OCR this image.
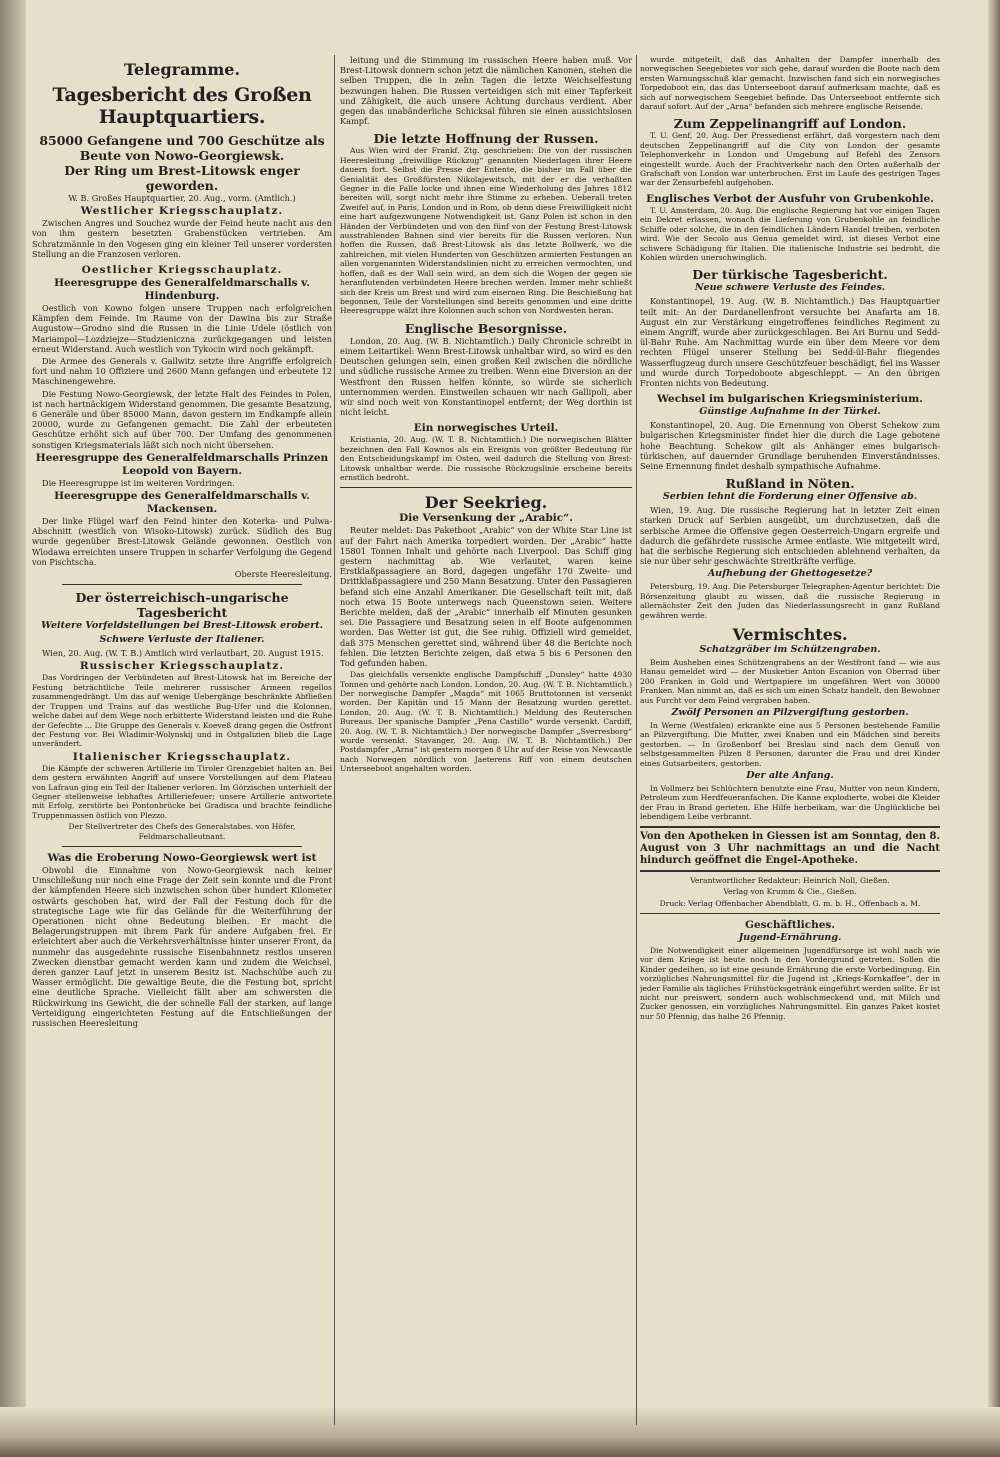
Telegramme.
Tagesbericht des Großen Hauptquartiers.
85000 Gefangene und 700 Geschütze als Beute von Nowo-Georgiewsk.
Der Ring um Brest-Litowsk enger geworden.

W. B. Großes Hauptquartier, 20. Aug., vorm. (Amtlich.)

Westlicher Kriegsschauplatz.

Zwischen Angres und Souchez wurde der Feind heute nacht aus den von ihm gestern besetzten Grabenstücken vertrieben. Am Schratzmännle in den Vogesen ging ein kleiner Teil unserer vordersten Stellung an die Franzosen verloren.

Oestlicher Kriegsschauplatz.
Heeresgruppe des Generalfeldmarschalls v. Hindenburg.

Oestlich von Kowno folgen unsere Truppen nach erfolgreichen Kämpfen dem Feinde. Im Raume von der Dawina bis zur Straße Augustow—Grodno sind die Russen in die Linie Udele (östlich von Mariampol—Lozdziejze—Studzieniczna zurückgegangen und leisten erneut Widerstand. Auch westlich von Tykocin wird noch gekämpft.

Die Armee des Generals v. Gallwitz setzte ihre Angriffe erfolgreich fort und nahm 10 Offiziere und 2600 Mann gefangen und erbeutete 12 Maschinengewehre.

Die Festung Nowo-Georgiewsk, der letzte Halt des Feindes in Polen, ist nach hartnäckigem Widerstand genommen. Die gesamte Besatzung, 6 Generäle und über 85000 Mann, davon gestern im Endkampfe allein 20000, wurde zu Gefangenen gemacht. Die Zahl der erbeuteten Geschütze erhöht sich auf über 700. Der Umfang des genommenen sonstigen Kriegsmaterials läßt sich noch nicht übersehen.

Heeresgruppe des Generalfeldmarschalls Prinzen Leopold von Bayern.

Die Heeresgruppe ist im weiteren Vordringen.

Heeresgruppe des Generalfeldmarschalls v. Mackensen.

Der linke Flügel warf den Feind hinter den Koterka- und Pulwa-Abschnitt (westlich von Wisoko-Litowsk) zurück. Südlich des Bug wurde gegenüber Brest-Litowsk Gelände gewonnen. Oestlich von Wlodawa erreichten unsere Truppen in scharfer Verfolgung die Gegend von Pischtscha.

Oberste Heeresleitung.

Der österreichisch-ungarische Tagesbericht

Weitere Vorfeldstellungen bei Brest-Litowsk erobert.

Schwere Verluste der Italiener.

Wien, 20. Aug. (W. T. B.) Amtlich wird verlautbart, 20. August 1915.

Russischer Kriegsschauplatz.

Das Vordringen der Verbündeten auf Brest-Litowsk hat im Bereiche der Festung beträchtliche Teile mehrerer russischer Armeen regellos zusammengedrängt. Um das auf wenige Uebergänge beschränkte Abfließen der Truppen und Trains auf das westliche Bug-Ufer und die Kolonnen, welche dabei auf dem Wege noch erbitterte Widerstand leisten und die Ruhe der Gefechte ... Die Gruppe des Generals v. Koeveß drang gegen die Ostfront der Festung vor. Bei Wladimir-Wolynskij und in Ostgalizien blieb die Lage unverändert.

Italienischer Kriegsschauplatz.

Die Kämpfe der schweren Artillerie im Tiroler Grenzgebiet halten an. Bei dem gestern erwähnten Angriff auf unsere Vorstellungen auf dem Plateau von Lafraun ging ein Teil der Italiener verloren. Im Görzischen unterhielt der Gegner stellenweise lebhaftes Artilleriefeuer; unsere Artillerie antwortete mit Erfolg, zerstörte bei Pontonbrücke bei Gradisca und brachte feindliche Truppenmassen östlich von Plezzo.

Der Stellvertreter des Chefs des Generalstabes. von Höfer, Feldmarschalleutnant.

Was die Eroberung Nowo-Georgiewsk wert ist

Obwohl die Einnahme von Nowo-Georgiewsk nach keiner Umschließung nur noch eine Frage der Zeit sein konnte und die Front der kämpfenden Heere sich inzwischen schon über hundert Kilometer ostwärts geschoben hat, wird der Fall der Festung doch für die strategische Lage wie für das Gelände für die Weiterführung der Operationen nicht ohne Bedeutung bleiben. Er macht die Belagerungstruppen mit ihrem Park für andere Aufgaben frei. Er erleichtert aber auch die Verkehrsverhältnisse hinter unserer Front, da nunmehr das ausgedehnte russische Eisenbahnnetz restlos unseren Zwecken dienstbar gemacht werden kann und zudem die Weichsel, deren ganzer Lauf jetzt in unserem Besitz ist. Nachschübe auch zu Wasser ermöglicht. Die gewaltige Beute, die die Festung bot, spricht eine deutliche Sprache. Vielleicht fällt aber am schwersten die Rückwirkung ins Gewicht, die der schnelle Fall der starken, auf lange Verteidigung eingerichteten Festung auf die Entschließungen der russischen Heeresleitung

leitung und die Stimmung im russischen Heere haben muß. Vor Brest-Litowsk donnern schon jetzt die nämlichen Kanonen, stehen die selben Truppen, die in zehn Tagen die letzte Weichselfestung bezwungen haben. Die Russen verteidigen sich mit einer Tapferkeit und Zähigkeit, die auch unsere Achtung durchaus verdient. Aber gegen das unabänderliche Schicksal führen sie einen aussichtslosen Kampf.

Die letzte Hoffnung der Russen.

Aus Wien wird der Frankf. Ztg. geschrieben: Die von der russischen Heeresleitung „freiwillige Rückzug“ genannten Niederlagen ihrer Heere dauern fort. Selbst die Presse der Entente, die bisher im Fall über die Genialität des Großfürsten Nikolajewitsch, mit der er die verhaßten Gegner in die Falle locke und ihnen eine Wiederholung des Jahres 1812 bereiten will, sorgt nicht mehr ihre Stimme zu erheben. Ueberall treten Zweifel auf, in Paris, London und in Rom, ob denn diese Freiwilligkeit nicht eine hart aufgezwungene Notwendigkeit ist. Ganz Polen ist schon in den Händen der Verbündeten und von den fünf von der Festung Brest-Litowsk ausstrahlenden Bahnen sind vier bereits für die Russen verloren. Nun hoffen die Russen, daß Brest-Litowsk als das letzte Bollwerk, wo die zahlreichen, mit vielen Hunderten von Geschützen armierten Festungen an allen vorgenannten Widerstandslinien nicht zu erreichen vermochten, und hoffen, daß es der Wall sein wird, an dem sich die Wogen der gegen sie heranflutenden verbündeten Heere brechen werden. Immer mehr schließt sich der Kreis um Brest und wird zum eisernen Ring. Die Beschießung hat begonnen, Teile der Vorstellungen sind bereits genommen und eine dritte Heeresgruppe wälzt ihre Kolonnen auch schon von Nordwesten heran.

Englische Besorgnisse.

London, 20. Aug. (W. B. Nichtamtlich.) Daily Chronicle schreibt in einem Leitartikel: Wenn Brest-Litowsk unhaltbar wird, so wird es den Deutschen gelungen sein, einen großen Keil zwischen die nördliche und südliche russische Armee zu treiben. Wenn eine Diversion an der Westfront den Russen helfen könnte, so würde sie sicherlich unternommen werden. Einstweilen schauen wir nach Gallipoli, aber wir sind noch weit von Konstantinopel entfernt; der Weg dorthin ist nicht leicht.

Ein norwegisches Urteil.

Kristiania, 20. Aug. (W. T. B. Nichtamtlich.) Die norwegischen Blätter bezeichnen den Fall Kownos als ein Ereignis von größter Bedeutung für den Entscheidungskampf im Osten, weil dadurch die Stellung von Brest-Litowsk unhaltbar werde. Die russische Rückzugslinie erscheine bereits ernstlich bedroht.

Der Seekrieg.
Die Versenkung der „Arabic“.

Reuter meldet: Das Paketboot „Arabic“ von der White Star Line ist auf der Fahrt nach Amerika torpediert worden. Der „Arabic“ hatte 15801 Tonnen Inhalt und gehörte nach Liverpool. Das Schiff ging gestern nachmittag ab. Wie verlautet, waren keine Erstklaßpassagiere an Bord, dagegen ungefähr 170 Zweite- und Drittklaßpassagiere und 250 Mann Besatzung. Unter den Passagieren befand sich eine Anzahl Amerikaner. Die Gesellschaft teilt mit, daß noch etwa 15 Boote unterwegs nach Queenstown seien. Weitere Berichte melden, daß der „Arabic“ innerhalb elf Minuten gesunken sei. Die Passagiere und Besatzung seien in elf Boote aufgenommen worden. Das Wetter ist gut, die See ruhig. Offiziell wird gemeldet, daß 375 Menschen gerettet sind, während über 48 die Berichte noch fehlen. Die letzten Berichte zeigen, daß etwa 5 bis 6 Personen den Tod gefunden haben.

Das gleichfalls versenkte englische Dampfschiff „Dunsley“ hatte 4930 Tonnen und gehörte nach London. London, 20. Aug. (W. T. B. Nichtamtlich.) Der norwegische Dampfer „Magda“ mit 1065 Bruttotonnen ist versenkt worden. Der Kapitän und 15 Mann der Besatzung wurden gerettet. London, 20. Aug. (W. T. B. Nichtamtlich.) Meldung des Reuterschen Bureaus. Der spanische Dampfer „Pena Castillo“ wurde versenkt. Cardiff, 20. Aug. (W. T. B. Nichtamtlich.) Der norwegische Dampfer „Sverresborg“ wurde versenkt. Stavanger, 20. Aug. (W. T. B. Nichtamtlich.) Der Postdampfer „Arna“ ist gestern morgen 8 Uhr auf der Reise von Newcastle nach Norwegen nördlich von Jaeterens Riff von einem deutschen Unterseeboot angehalten worden.

wurde mitgeteilt, daß das Anhalten der Dampfer innerhalb des norwegischen Seegebietes vor sich gehe, darauf wurden die Boote nach dem ersten Warnungsschuß klar gemacht. Inzwischen fand sich ein norwegisches Torpedoboot ein, das das Unterseeboot darauf aufmerksam machte, daß es sich auf norwegischem Seegebiet befinde. Das Unterseeboot entfernte sich darauf sofort. Auf der „Arna“ befanden sich mehrere englische Reisende.

Zum Zeppelinangriff auf London.

T. U. Genf, 20. Aug. Der Pressedienst erfährt, daß vorgestern nach dem deutschen Zeppelinangriff auf die City von London der gesamte Telephonverkehr in London und Umgebung auf Befehl des Zensors eingestellt wurde. Auch der Frachtverkehr nach den Orten außerhalb der Grafschaft von London war unterbrochen. Erst im Laufe des gestrigen Tages war der Zensurbefehl aufgehoben.

Englisches Verbot der Ausfuhr von Grubenkohle.

T. U. Amsterdam, 20. Aug. Die englische Regierung hat vor einigen Tagen ein Dekret erlassen, wonach die Lieferung von Grubenkohle an feindliche Schiffe oder solche, die in den feindlichen Ländern Handel treiben, verboten wird. Wie der Secolo aus Genua gemeldet wird, ist dieses Verbot eine schwere Schädigung für Italien. Die italienische Industrie sei bedroht, die Kohlen würden unerschwinglich.

Der türkische Tagesbericht.

Neue schwere Verluste des Feindes.

Konstantinopel, 19. Aug. (W. B. Nichtamtlich.) Das Hauptquartier teilt mit: An der Dardanellenfront versuchte bei Anafarta am 18. August ein zur Verstärkung eingetroffenes feindliches Regiment zu einem Angriff, wurde aber zurückgeschlagen. Bei Ari Burnu und Sedd-ül-Bahr Ruhe. Am Nachmittag wurde ein über dem Meere vor dem rechten Flügel unserer Stellung bei Sedd-ül-Bahr fliegendes Wasserflugzeug durch unsere Geschützfeuer beschädigt, fiel ins Wasser und wurde durch Torpedoboote abgeschleppt. — An den übrigen Fronten nichts von Bedeutung.

Wechsel im bulgarischen Kriegsministerium.

Günstige Aufnahme in der Türkei.

Konstantinopel, 20. Aug. Die Ernennung von Oberst Schekow zum bulgarischen Kriegsminister findet hier die durch die Lage gebotene hohe Beachtung. Schekow gilt als Anhänger eines bulgarisch-türkischen, auf dauernder Grundlage beruhenden Einverständnisses. Seine Ernennung findet deshalb sympathische Aufnahme.

Rußland in Nöten.

Serbien lehnt die Forderung einer Offensive ab.

Wien, 19. Aug. Die russische Regierung hat in letzter Zeit einen starken Druck auf Serbien ausgeübt, um durchzusetzen, daß die serbische Armee die Offensive gegen Oesterreich-Ungarn ergreife und dadurch die gefährdete russische Armee entlaste. Wie mitgeteilt wird, hat die serbische Regierung sich entschieden ablehnend verhalten, da sie nur über sehr geschwächte Streitkräfte verfüge.

Aufhebung der Ghettogesetze?

Petersburg, 19. Aug. Die Petersburger Telegraphen-Agentur berichtet: Die Börsenzeitung glaubt zu wissen, daß die russische Regierung in allernächster Zeit den Juden das Niederlassungsrecht in ganz Rußland gewähren werde.

Vermischtes.

Schatzgräber im Schützengraben.

Beim Ausheben eines Schützengrabens an der Westfront fand — wie aus Hanau gemeldet wird — der Musketier Anton Escanion von Oberrad über 200 Franken in Gold und Wertpapiere im ungefähren Wert von 30000 Franken. Man nimmt an, daß es sich um einen Schatz handelt, den Bewohner aus Furcht vor dem Feind vergraben haben.

Zwölf Personen an Pilzvergiftung gestorben.

In Werne (Westfalen) erkrankte eine aus 5 Personen bestehende Familie an Pilzvergiftung. Die Mutter, zwei Knaben und ein Mädchen sind bereits gestorben. — In Großenborf bei Breslau sind nach dem Genuß von selbstgesammelten Pilzen 8 Personen, darunter die Frau und drei Kinder eines Gutsarbeiters, gestorben.

Der alte Anfang.

In Vollmerz bei Schlüchtern benutzte eine Frau, Mutter von neun Kindern, Petroleum zum Herdfeueranfachen. Die Kanne explodierte, wobei die Kleider der Frau in Brand gerieten. Ehe Hilfe herbeikam, war die Unglückliche bei lebendigem Leibe verbrannt.

Von den Apotheken in Giessen ist am Sonntag, den 8. August von 3 Uhr nachmittags an und die Nacht hindurch geöffnet die Engel-Apotheke.

Verantwortlicher Redakteur: Heinrich Noll, Gießen.

Verlag von Krumm & Cie., Gießen.

Druck: Verlag Offenbacher Abendblatt, G. m. b. H., Offenbach a. M.

Geschäftliches.

Jugend-Ernährung.

Die Notwendigkeit einer allgemeinen Jugendfürsorge ist wohl nach wie vor dem Kriege ist heute noch in den Vordergrund getreten. Sollen die Kinder gedeihen, so ist eine gesunde Ernährung die erste Vorbedingung. Ein vorzügliches Nahrungsmittel für die Jugend ist „Kriegs-Kornkaffee“, der in jeder Familie als tägliches Frühstücksgetränk eingeführt werden sollte. Er ist nicht nur preiswert, sondern auch wohlschmeckend und, mit Milch und Zucker genossen, ein vorzügliches Nahrungsmittel. Ein ganzes Paket kostet nur 50 Pfennig, das halbe 26 Pfennig.
